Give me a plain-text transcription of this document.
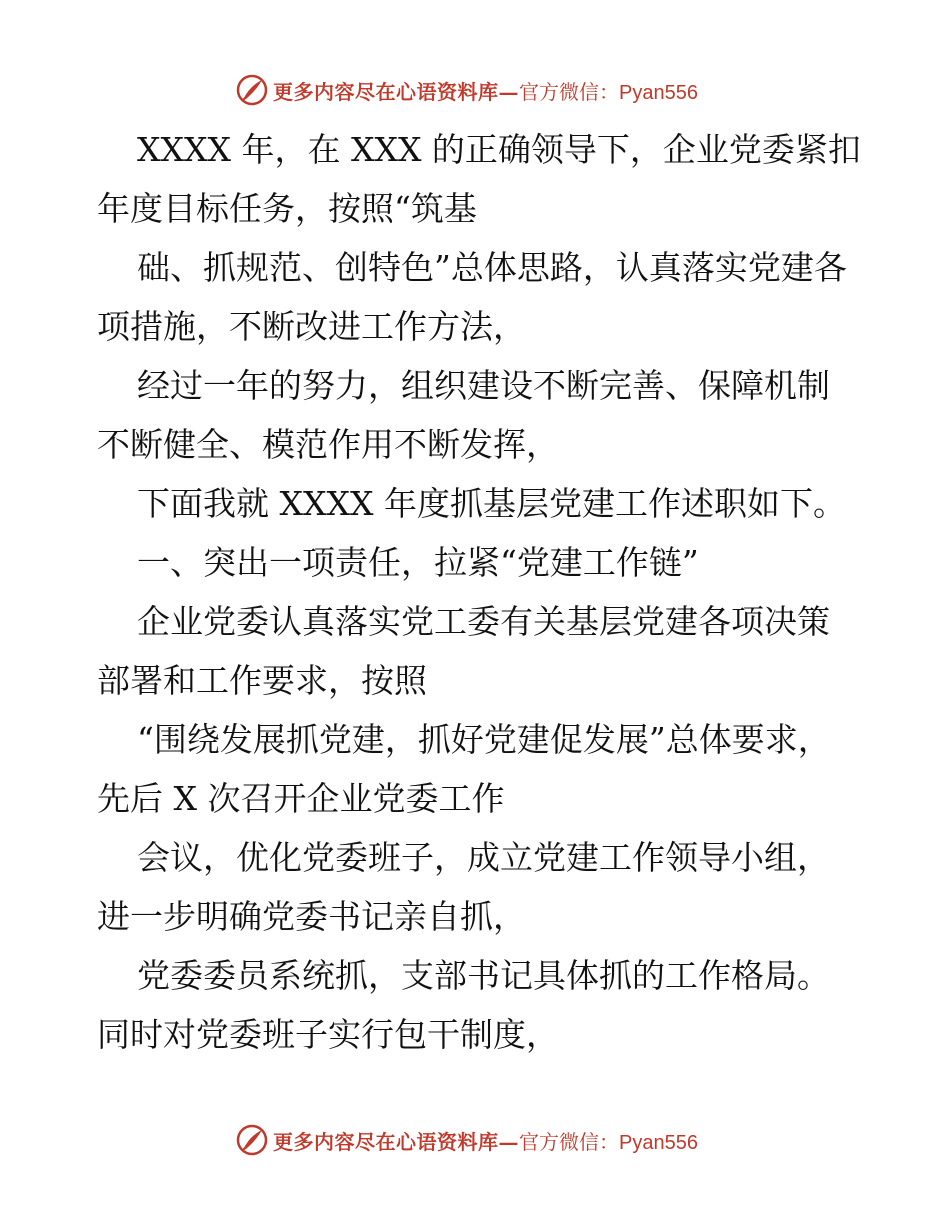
更多内容尽在心语资料库— 官方微信：Pyan556

XXXX 年，在 XXX 的正确领导下，企业党委紧扣年度目标任务，按照“筑基

础、抓规范、创特色”总体思路，认真落实党建各项措施，不断改进工作方法，

经过一年的努力，组织建设不断完善、保障机制不断健全、模范作用不断发挥，

下面我就 XXXX 年度抓基层党建工作述职如下。

一、突出一项责任，拉紧“党建工作链”

企业党委认真落实党工委有关基层党建各项决策部署和工作要求，按照

“围绕发展抓党建，抓好党建促发展”总体要求，先后 X 次召开企业党委工作

会议，优化党委班子，成立党建工作领导小组，进一步明确党委书记亲自抓，

党委委员系统抓，支部书记具体抓的工作格局。同时对党委班子实行包干制度，

更多内容尽在心语资料库— 官方微信：Pyan556
